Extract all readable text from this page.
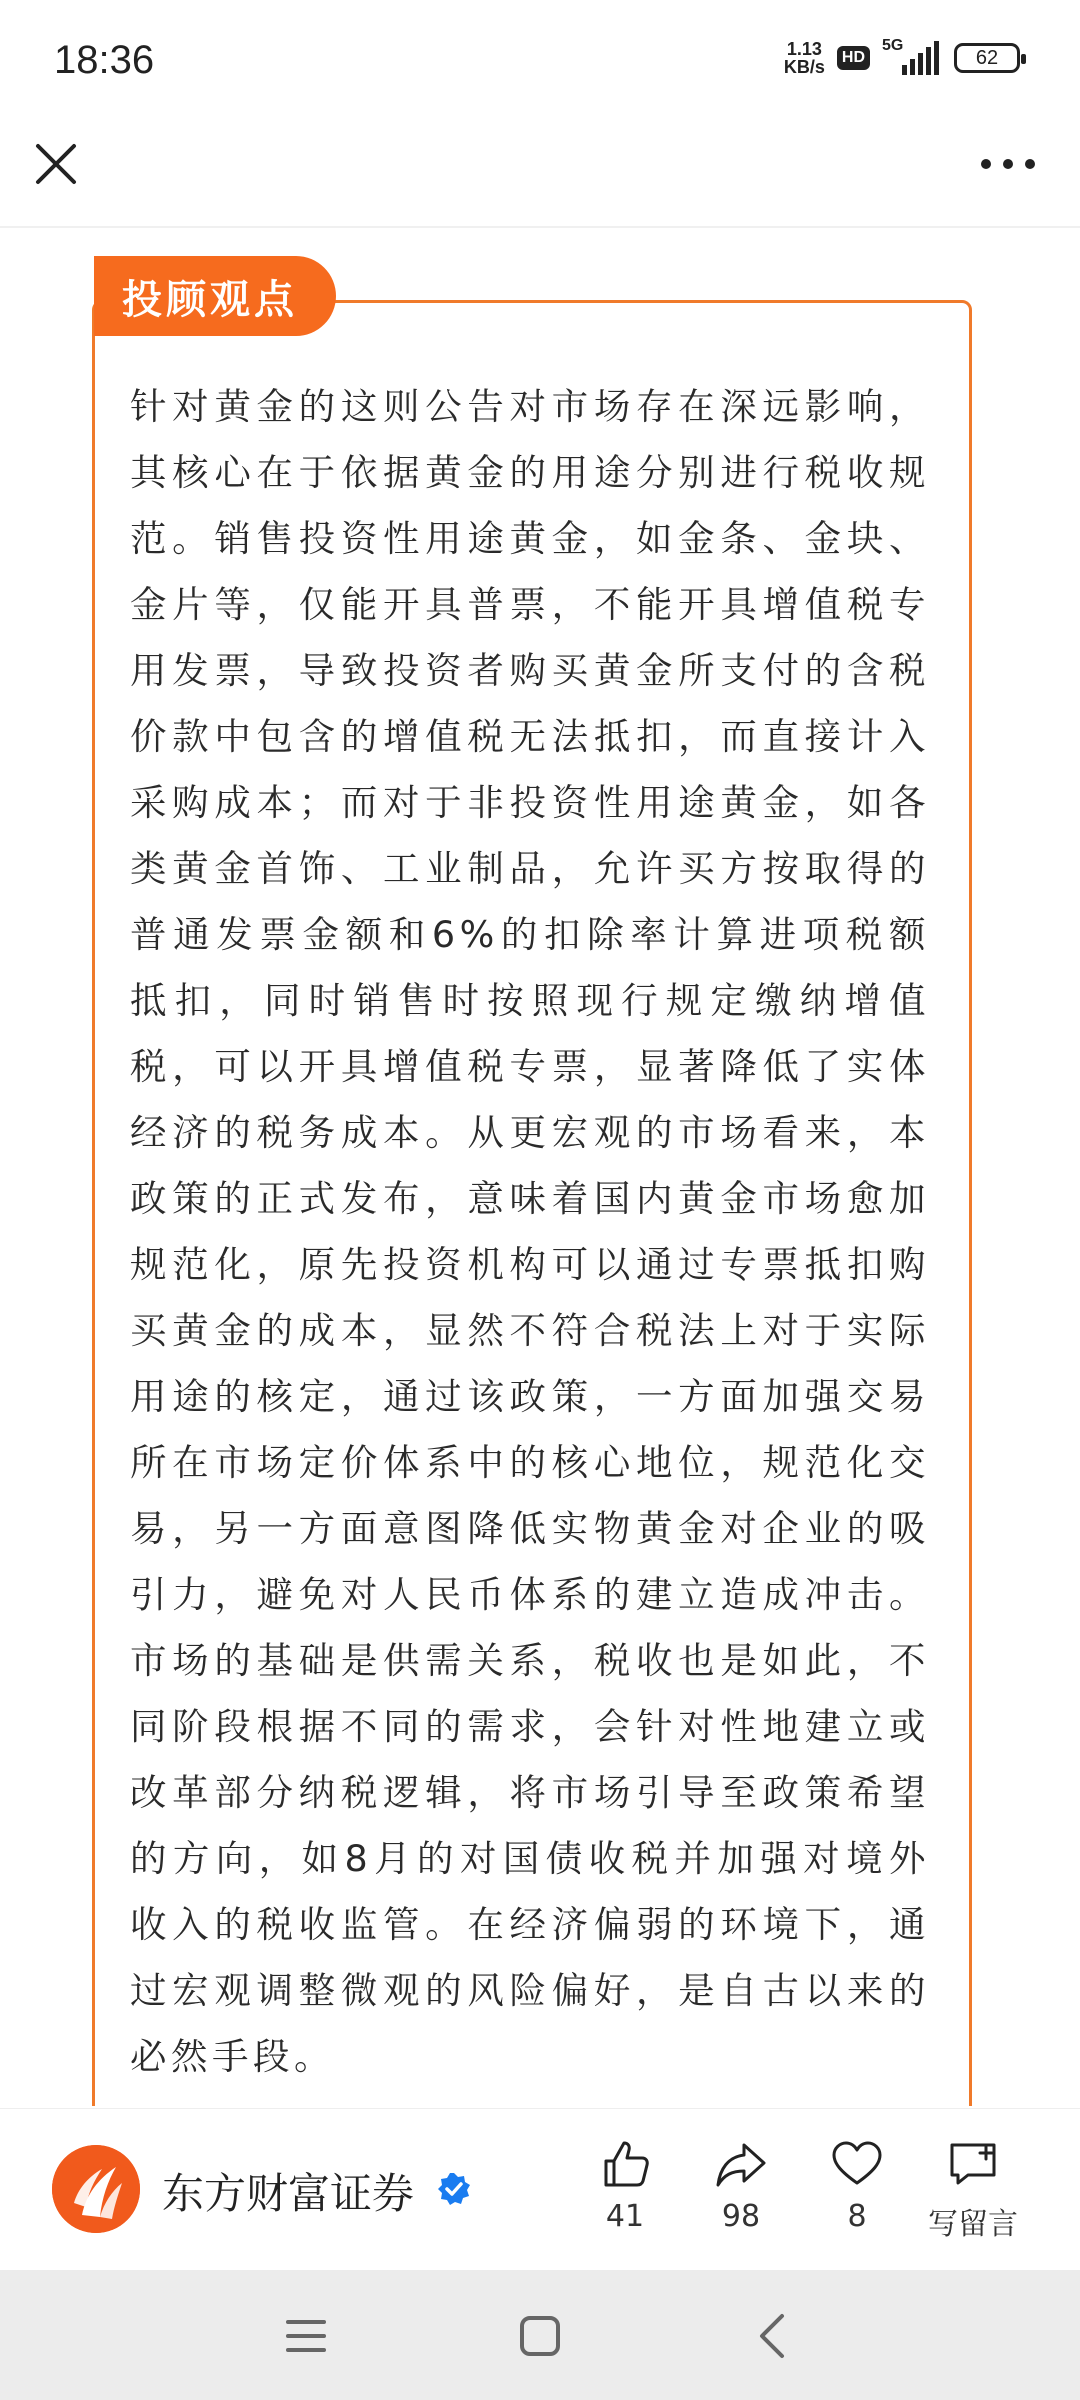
18:36	1.13
KB/s	HD
5G
62
投顾观点

针对黄金的这则公告对市场存在深远影响，其核心在于依据黄金的用途分别进行税收规范。销售投资性用途黄金，如金条、金块、金片等，仅能开具普票，不能开具增值税专用发票，导致投资者购买黄金所支付的含税价款中包含的增值税无法抵扣，而直接计入采购成本；而对于非投资性用途黄金，如各类黄金首饰、工业制品，允许买方按取得的普通发票金额和6%的扣除率计算进项税额抵扣，同时销售时按照现行规定缴纳增值税，可以开具增值税专票，显著降低了实体经济的税务成本。从更宏观的市场看来，本政策的正式发布，意味着国内黄金市场愈加规范化，原先投资机构可以通过专票抵扣购买黄金的成本，显然不符合税法上对于实际用途的核定，通过该政策，一方面加强交易所在市场定价体系中的核心地位，规范化交易，另一方面意图降低实物黄金对企业的吸引力，避免对人民币体系的建立造成冲击。市场的基础是供需关系，税收也是如此，不同阶段根据不同的需求，会针对性地建立或改革部分纳税逻辑，将市场引导至政策希望的方向，如8月的对国债收税并加强对境外收入的税收监管。在经济偏弱的环境下，通过宏观调整微观的风险偏好，是自古以来的必然手段。

东方财富证券	41	98	8 写留言
